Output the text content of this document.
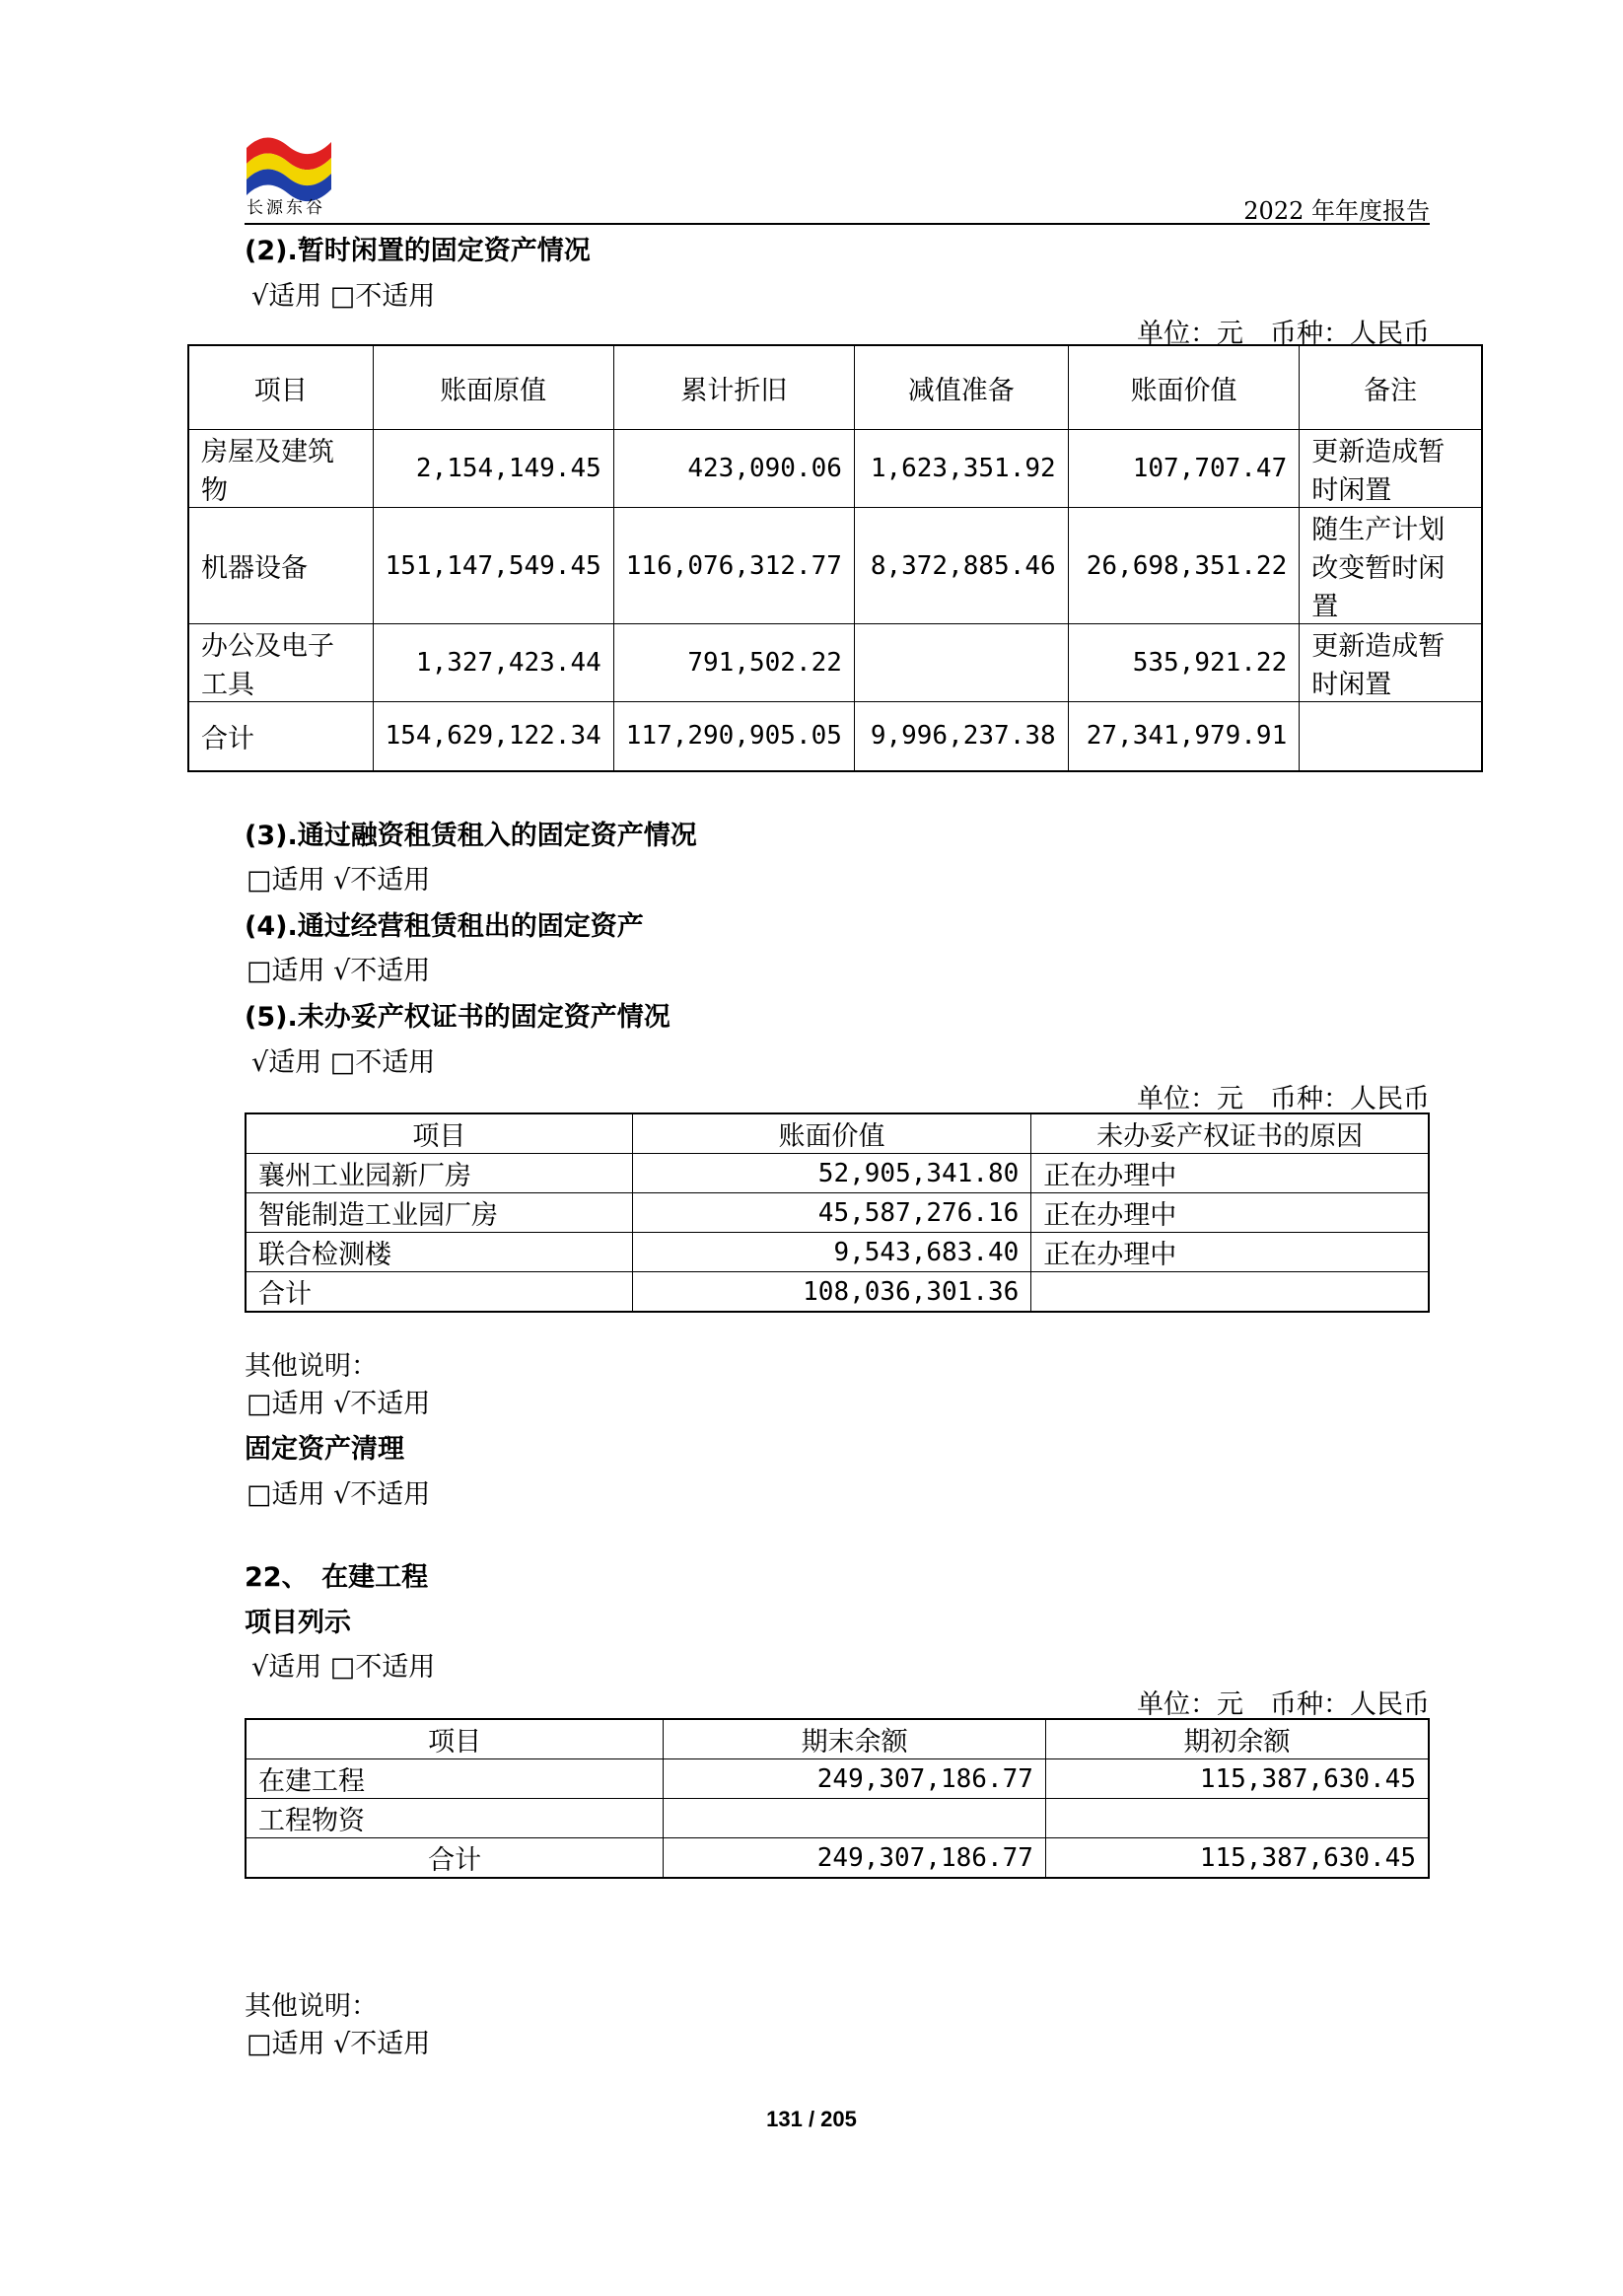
长源东谷	2022 年年度报告
(2).暂时闲置的固定资产情况
√适用 □不适用
单位：元　币种：人民币
项目	账面原值	累计折旧	减值准备	账面价值	备注
房屋及建筑物	2,154,149.45	423,090.06	1,623,351.92	107,707.47	更新造成暂时闲置
机器设备	151,147,549.45	116,076,312.77	8,372,885.46	26,698,351.22	随生产计划改变暂时闲置
办公及电子工具	1,327,423.44	791,502.22		535,921.22	更新造成暂时闲置
合计	154,629,122.34	117,290,905.05	9,996,237.38	27,341,979.91	
(3).通过融资租赁租入的固定资产情况
□适用 √不适用
(4).通过经营租赁租出的固定资产
□适用 √不适用
(5).未办妥产权证书的固定资产情况
√适用 □不适用
单位：元　币种：人民币
项目	账面价值	未办妥产权证书的原因
襄州工业园新厂房	52,905,341.80	正在办理中
智能制造工业园厂房	45,587,276.16	正在办理中
联合检测楼	9,543,683.40	正在办理中
合计	108,036,301.36	
其他说明：
□适用 √不适用
固定资产清理
□适用 √不适用
22、　在建工程
项目列示
√适用 □不适用
单位：元　币种：人民币
项目	期末余额	期初余额
在建工程	249,307,186.77	115,387,630.45
工程物资		
合计	249,307,186.77	115,387,630.45
其他说明：
□适用 √不适用
131 / 205
